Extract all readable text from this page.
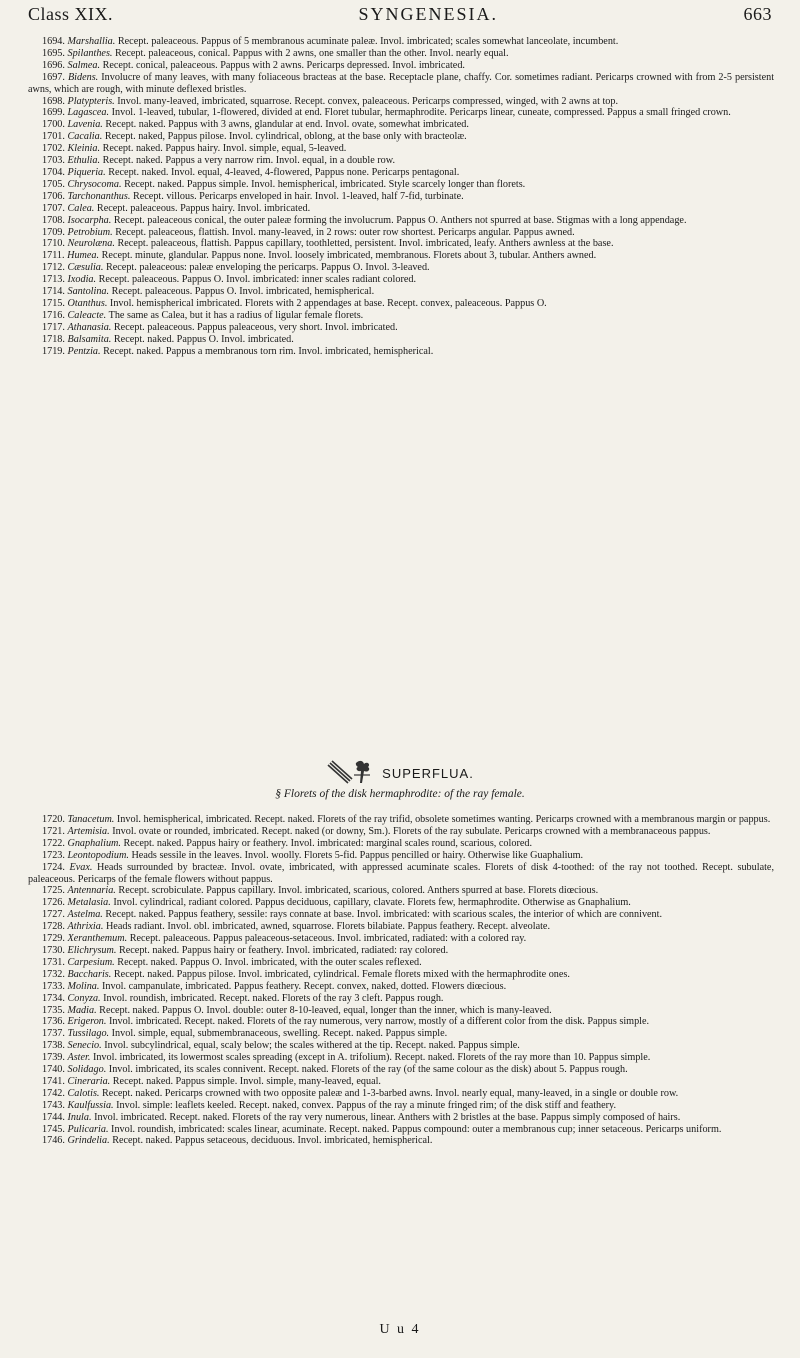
Class XIX.	SYNGENESIA.	663

1694. Marshallia. Recept. paleaceous. Pappus of 5 membranous acuminate paleæ. Invol. imbricated; scales somewhat lanceolate, incumbent.

1695. Spilanthes. Recept. paleaceous, conical. Pappus with 2 awns, one smaller than the other. Invol. nearly equal.

1696. Salmea. Recept. conical, paleaceous. Pappus with 2 awns. Pericarps depressed. Invol. imbricated.

1697. Bidens. Involucre of many leaves, with many foliaceous bracteas at the base. Receptacle plane, chaffy. Cor. sometimes radiant. Pericarps crowned with from 2-5 persistent awns, which are rough, with minute deflexed bristles.

1698. Platypteris. Invol. many-leaved, imbricated, squarrose. Recept. convex, paleaceous. Pericarps compressed, winged, with 2 awns at top.

1699. Lagascea. Invol. 1-leaved, tubular, 1-flowered, divided at end. Floret tubular, hermaphrodite. Pericarps linear, cuneate, compressed. Pappus a small fringed crown.

1700. Lavenia. Recept. naked. Pappus with 3 awns, glandular at end. Invol. ovate, somewhat imbricated.

1701. Cacalia. Recept. naked, Pappus pilose. Invol. cylindrical, oblong, at the base only with bracteolæ.

1702. Kleinia. Recept. naked. Pappus hairy. Invol. simple, equal, 5-leaved.

1703. Ethulia. Recept. naked. Pappus a very narrow rim. Invol. equal, in a double row.

1704. Piqueria. Recept. naked. Invol. equal, 4-leaved, 4-flowered, Pappus none. Pericarps pentagonal.

1705. Chrysocoma. Recept. naked. Pappus simple. Invol. hemispherical, imbricated. Style scarcely longer than florets.

1706. Tarchonanthus. Recept. villous. Pericarps enveloped in hair. Invol. 1-leaved, half 7-fid, turbinate.

1707. Calea. Recept. paleaceous. Pappus hairy. Invol. imbricated.

1708. Isocarpha. Recept. paleaceous conical, the outer paleæ forming the involucrum. Pappus O. Anthers not spurred at base. Stigmas with a long appendage.

1709. Petrobium. Recept. paleaceous, flattish. Invol. many-leaved, in 2 rows: outer row shortest. Pericarps angular. Pappus awned.

1710. Neurolæna. Recept. paleaceous, flattish. Pappus capillary, toothletted, persistent. Invol. imbricated, leafy. Anthers awnless at the base.

1711. Humea. Recept. minute, glandular. Pappus none. Invol. loosely imbricated, membranous. Florets about 3, tubular. Anthers awned.

1712. Cæsulia. Recept. paleaceous: paleæ enveloping the pericarps. Pappus O. Invol. 3-leaved.

1713. Ixodia. Recept. paleaceous. Pappus O. Invol. imbricated: inner scales radiant colored.

1714. Santolina. Recept. paleaceous. Pappus O. Invol. imbricated, hemispherical.

1715. Otanthus. Invol. hemispherical imbricated. Florets with 2 appendages at base. Recept. convex, paleaceous. Pappus O.

1716. Caleacte. The same as Calea, but it has a radius of ligular female florets.

1717. Athanasia. Recept. paleaceous. Pappus paleaceous, very short. Invol. imbricated.

1718. Balsamita. Recept. naked. Pappus O. Invol. imbricated.

1719. Pentzia. Recept. naked. Pappus a membranous torn rim. Invol. imbricated, hemispherical.

SUPERFLUA.
§ Florets of the disk hermaphrodite: of the ray female.

1720. Tanacetum. Invol. hemispherical, imbricated. Recept. naked. Florets of the ray trifid, obsolete sometimes wanting. Pericarps crowned with a membranous margin or pappus.

1721. Artemisia. Invol. ovate or rounded, imbricated. Recept. naked (or downy, Sm.). Florets of the ray subulate. Pericarps crowned with a membranaceous pappus.

1722. Gnaphalium. Recept. naked. Pappus hairy or feathery. Invol. imbricated: marginal scales round, scarious, colored.

1723. Leontopodium. Heads sessile in the leaves. Invol. woolly. Florets 5-fid. Pappus pencilled or hairy. Otherwise like Guaphalium.

1724. Evax. Heads surrounded by bracteæ. Invol. ovate, imbricated, with appressed acuminate scales. Florets of disk 4-toothed: of the ray not toothed. Recept. subulate, paleaceous. Pericarps of the female flowers without pappus.

1725. Antennaria. Recept. scrobiculate. Pappus capillary. Invol. imbricated, scarious, colored. Anthers spurred at base. Florets diœcious.

1726. Metalasia. Invol. cylindrical, radiant colored. Pappus deciduous, capillary, clavate. Florets few, hermaphrodite. Otherwise as Gnaphalium.

1727. Astelma. Recept. naked. Pappus feathery, sessile: rays connate at base. Invol. imbricated: with scarious scales, the interior of which are connivent.

1728. Athrixia. Heads radiant. Invol. obl. imbricated, awned, squarrose. Florets bilabiate. Pappus feathery. Recept. alveolate.

1729. Xeranthemum. Recept. paleaceous. Pappus paleaceous-setaceous. Invol. imbricated, radiated: with a colored ray.

1730. Elichrysum. Recept. naked. Pappus hairy or feathery. Invol. imbricated, radiated: ray colored.

1731. Carpesium. Recept. naked. Pappus O. Invol. imbricated, with the outer scales reflexed.

1732. Baccharis. Recept. naked. Pappus pilose. Invol. imbricated, cylindrical. Female florets mixed with the hermaphrodite ones.

1733. Molina. Invol. campanulate, imbricated. Pappus feathery. Recept. convex, naked, dotted. Flowers diœcious.

1734. Conyza. Invol. roundish, imbricated. Recept. naked. Florets of the ray 3 cleft. Pappus rough.

1735. Madia. Recept. naked. Pappus O. Invol. double: outer 8-10-leaved, equal, longer than the inner, which is many-leaved.

1736. Erigeron. Invol. imbricated. Recept. naked. Florets of the ray numerous, very narrow, mostly of a different color from the disk. Pappus simple.

1737. Tussilago. Invol. simple, equal, submembranaceous, swelling. Recept. naked. Pappus simple.

1738. Senecio. Invol. subcylindrical, equal, scaly below; the scales withered at the tip. Recept. naked. Pappus simple.

1739. Aster. Invol. imbricated, its lowermost scales spreading (except in A. trifolium). Recept. naked. Florets of the ray more than 10. Pappus simple.

1740. Solidago. Invol. imbricated, its scales connivent. Recept. naked. Florets of the ray (of the same colour as the disk) about 5. Pappus rough.

1741. Cineraria. Recept. naked. Pappus simple. Invol. simple, many-leaved, equal.

1742. Calotis. Recept. naked. Pericarps crowned with two opposite paleæ and 1-3-barbed awns. Invol. nearly equal, many-leaved, in a single or double row.

1743. Kaulfussia. Invol. simple: leaflets keeled. Recept. naked, convex. Pappus of the ray a minute fringed rim; of the disk stiff and feathery.

1744. Inula. Invol. imbricated. Recept. naked. Florets of the ray very numerous, linear. Anthers with 2 bristles at the base. Pappus simply composed of hairs.

1745. Pulicaria. Invol. roundish, imbricated: scales linear, acuminate. Recept. naked. Pappus compound: outer a membranous cup; inner setaceous. Pericarps uniform.

1746. Grindelia. Recept. naked. Pappus setaceous, deciduous. Invol. imbricated, hemispherical.

U u 4
